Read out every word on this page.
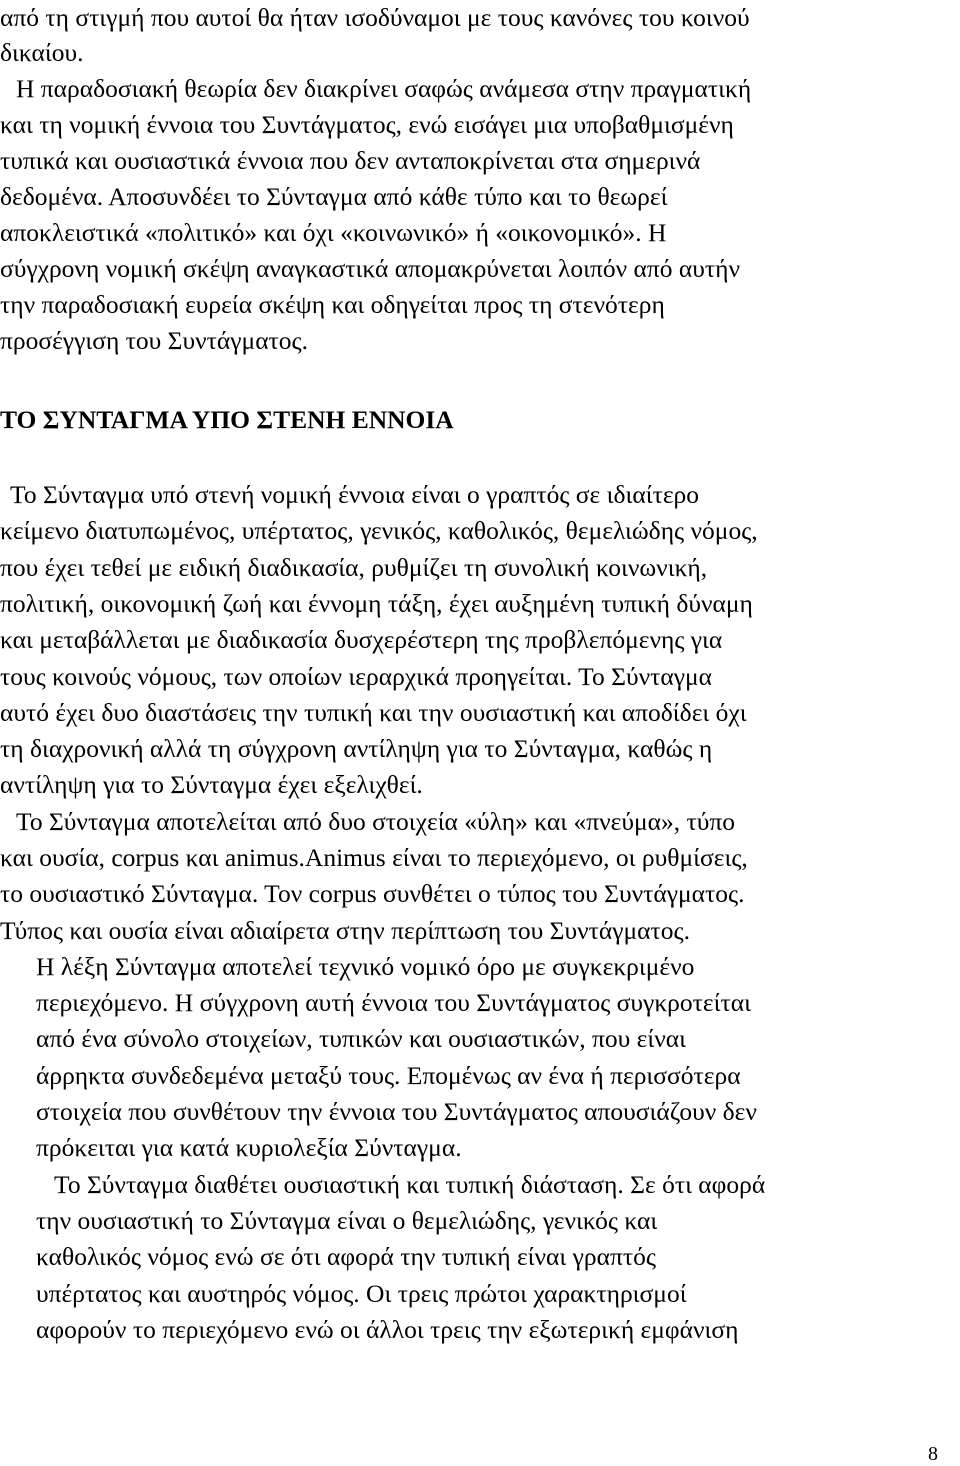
από τη στιγμή που αυτοί θα ήταν ισοδύναμοι με τους κανόνες του κοινού
δικαίου.
Η παραδοσιακή θεωρία δεν διακρίνει σαφώς ανάμεσα στην πραγματική
και τη νομική έννοια του Συντάγματος, ενώ εισάγει μια υποβαθμισμένη
τυπικά και ουσιαστικά έννοια που δεν ανταποκρίνεται στα σημερινά
δεδομένα. Αποσυνδέει το Σύνταγμα από κάθε τύπο και το θεωρεί
αποκλειστικά «πολιτικό» και όχι «κοινωνικό» ή «οικονομικό». Η
σύγχρονη νομική σκέψη αναγκαστικά απομακρύνεται λοιπόν από αυτήν
την παραδοσιακή ευρεία σκέψη και οδηγείται προς τη στενότερη
προσέγγιση του Συντάγματος.
ΤΟ ΣΥΝΤΑΓΜΑ ΥΠΟ ΣΤΕΝΗ ΕΝΝΟΙΑ
Το Σύνταγμα υπό στενή νομική έννοια είναι ο γραπτός σε ιδιαίτερο
κείμενο διατυπωμένος, υπέρτατος, γενικός, καθολικός, θεμελιώδης νόμος,
που έχει τεθεί με ειδική διαδικασία, ρυθμίζει τη συνολική κοινωνική,
πολιτική, οικονομική ζωή και έννομη τάξη, έχει αυξημένη τυπική δύναμη
και μεταβάλλεται με διαδικασία δυσχερέστερη της προβλεπόμενης για
τους κοινούς νόμους, των οποίων ιεραρχικά προηγείται. Το Σύνταγμα
αυτό έχει δυο διαστάσεις την τυπική και την ουσιαστική και αποδίδει όχι
τη διαχρονική αλλά τη σύγχρονη αντίληψη για το Σύνταγμα, καθώς η
αντίληψη για το Σύνταγμα έχει εξελιχθεί.
Το Σύνταγμα αποτελείται από δυο στοιχεία «ύλη» και «πνεύμα», τύπο
και ουσία, corpus και animus.Animus είναι το περιεχόμενο, οι ρυθμίσεις,
το ουσιαστικό Σύνταγμα. Τον corpus συνθέτει ο τύπος του Συντάγματος.
Τύπος και ουσία είναι αδιαίρετα στην περίπτωση του Συντάγματος.
Η λέξη Σύνταγμα αποτελεί τεχνικό νομικό όρο με συγκεκριμένο
περιεχόμενο. Η σύγχρονη αυτή έννοια του Συντάγματος συγκροτείται
από ένα σύνολο στοιχείων, τυπικών και ουσιαστικών, που είναι
άρρηκτα συνδεδεμένα μεταξύ τους. Επομένως αν ένα ή περισσότερα
στοιχεία που συνθέτουν την έννοια του Συντάγματος απουσιάζουν δεν
πρόκειται για κατά κυριολεξία Σύνταγμα.
Το Σύνταγμα διαθέτει ουσιαστική και τυπική διάσταση. Σε ότι αφορά
την ουσιαστική το Σύνταγμα είναι ο θεμελιώδης, γενικός και
καθολικός νόμος ενώ σε ότι αφορά την τυπική είναι γραπτός
υπέρτατος και αυστηρός νόμος. Οι τρεις πρώτοι χαρακτηρισμοί
αφορούν το περιεχόμενο ενώ οι άλλοι τρεις την εξωτερική εμφάνιση
8
